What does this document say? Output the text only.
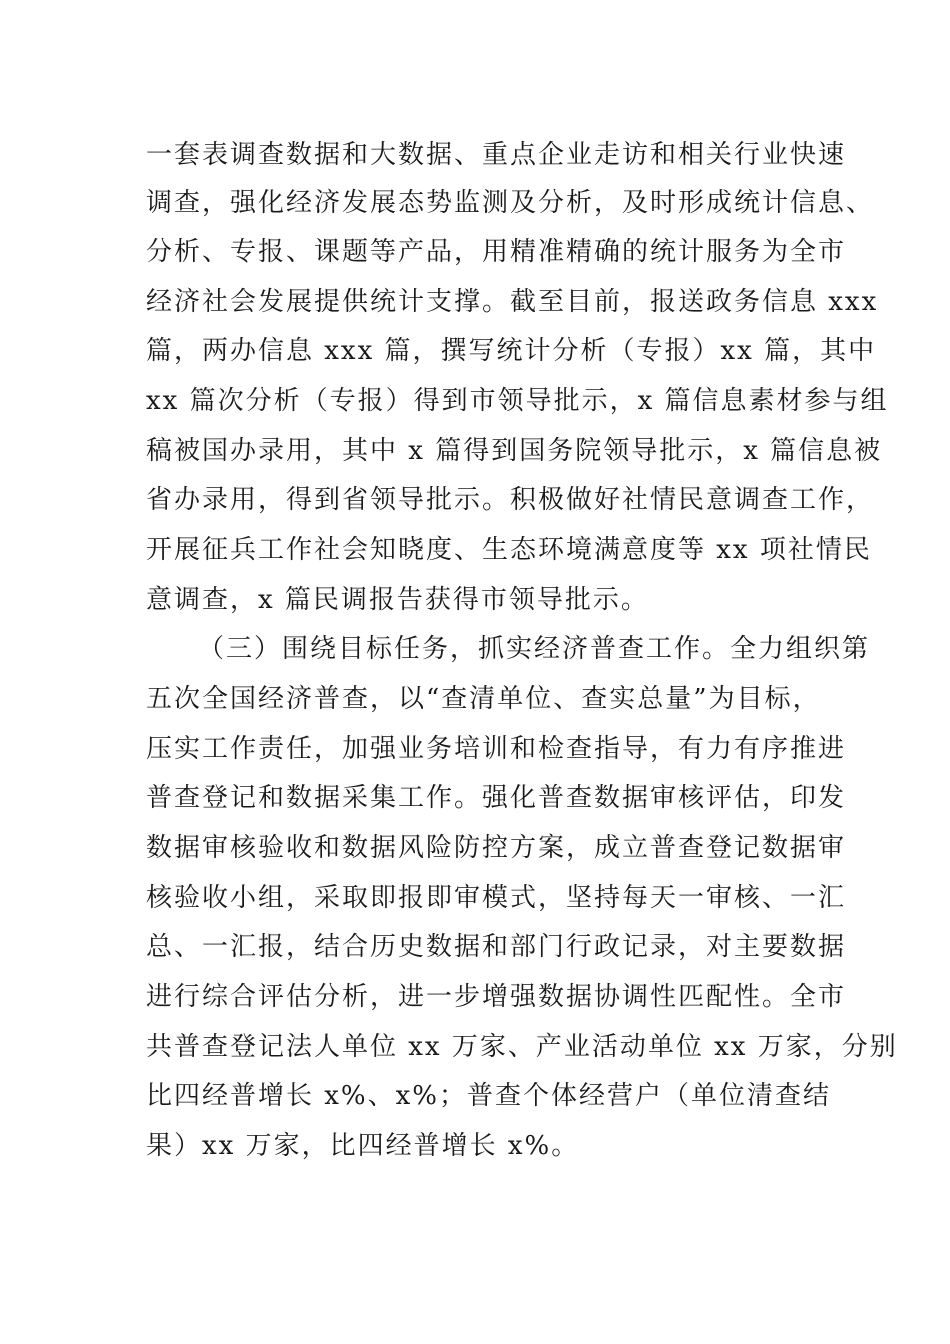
一套表调查数据和大数据、重点企业走访和相关行业快速
调查，强化经济发展态势监测及分析，及时形成统计信息、
分析、专报、课题等产品，用精准精确的统计服务为全市
经济社会发展提供统计支撑。截至目前，报送政务信息 xxx
篇，两办信息 xxx 篇，撰写统计分析（专报）xx 篇，其中
xx 篇次分析（专报）得到市领导批示，x 篇信息素材参与组
稿被国办录用，其中 x 篇得到国务院领导批示，x 篇信息被
省办录用，得到省领导批示。积极做好社情民意调查工作，
开展征兵工作社会知晓度、生态环境满意度等 xx 项社情民
意调查，x 篇民调报告获得市领导批示。
（三）围绕目标任务，抓实经济普查工作。全力组织第
五次全国经济普查，以“查清单位、查实总量”为目标，
压实工作责任，加强业务培训和检查指导，有力有序推进
普查登记和数据采集工作。强化普查数据审核评估，印发
数据审核验收和数据风险防控方案，成立普查登记数据审
核验收小组，采取即报即审模式，坚持每天一审核、一汇
总、一汇报，结合历史数据和部门行政记录，对主要数据
进行综合评估分析，进一步增强数据协调性匹配性。全市
共普查登记法人单位 xx 万家、产业活动单位 xx 万家，分别
比四经普增长 x%、x%；普查个体经营户（单位清查结
果）xx 万家，比四经普增长 x%。
